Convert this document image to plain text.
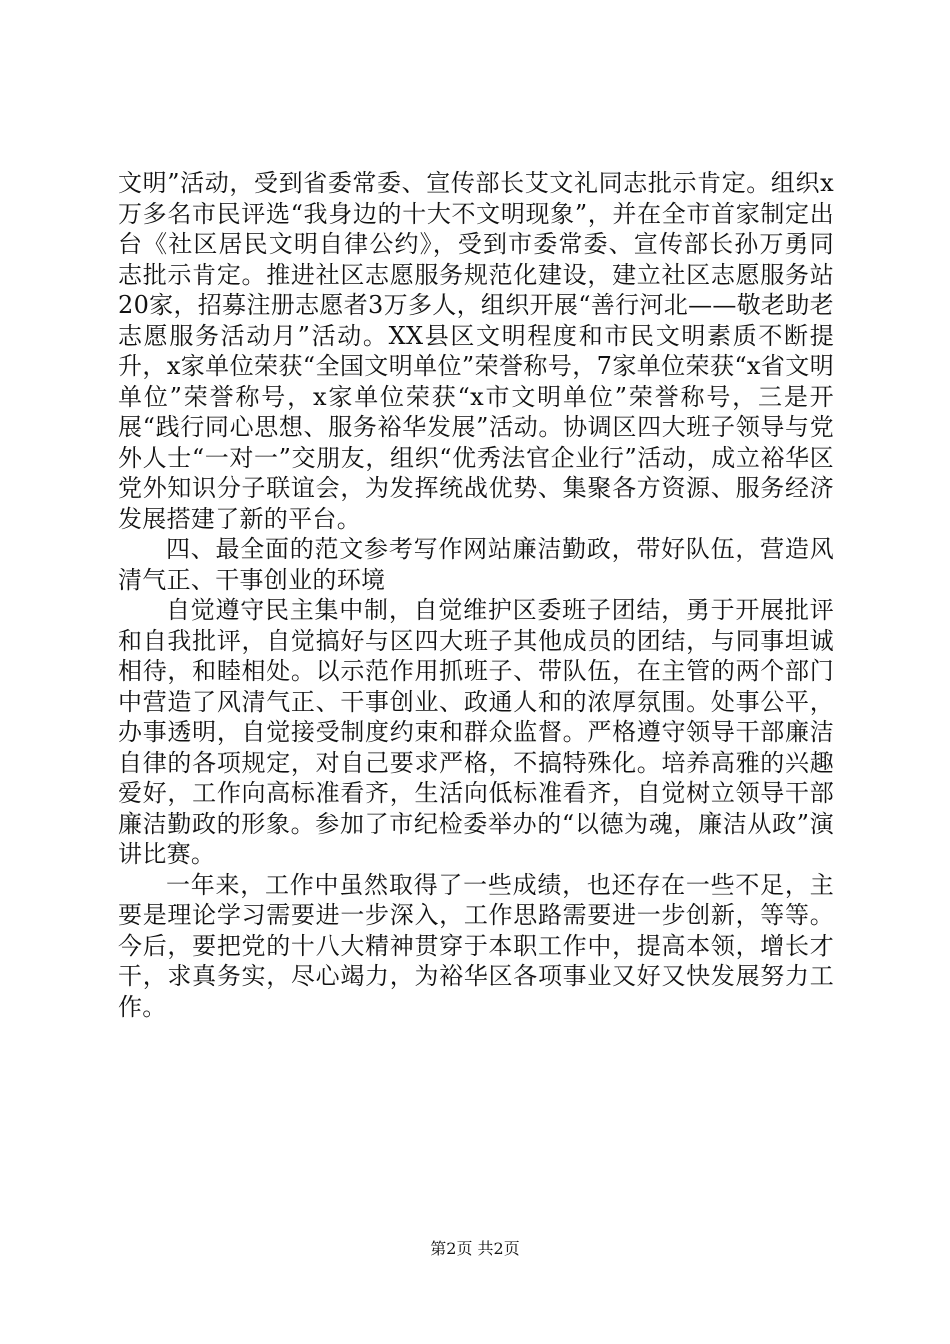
文明”活动，受到省委常委、宣传部长艾文礼同志批示肯定。组织x万多名市民评选“我身边的十大不文明现象”，并在全市首家制定出台《社区居民文明自律公约》，受到市委常委、宣传部长孙万勇同志批示肯定。推进社区志愿服务规范化建设，建立社区志愿服务站20家，招募注册志愿者3万多人，组织开展“善行河北——敬老助老志愿服务活动月”活动。XX县区文明程度和市民文明素质不断提升，x家单位荣获“全国文明单位”荣誉称号，7家单位荣获“x省文明单位”荣誉称号，x家单位荣获“x市文明单位”荣誉称号，三是开展“践行同心思想、服务裕华发展”活动。协调区四大班子领导与党外人士“一对一”交朋友，组织“优秀法官企业行”活动，成立裕华区党外知识分子联谊会，为发挥统战优势、集聚各方资源、服务经济发展搭建了新的平台。

四、最全面的范文参考写作网站廉洁勤政，带好队伍，营造风清气正、干事创业的环境

自觉遵守民主集中制，自觉维护区委班子团结，勇于开展批评和自我批评，自觉搞好与区四大班子其他成员的团结，与同事坦诚相待，和睦相处。以示范作用抓班子、带队伍，在主管的两个部门中营造了风清气正、干事创业、政通人和的浓厚氛围。处事公平，办事透明，自觉接受制度约束和群众监督。严格遵守领导干部廉洁自律的各项规定，对自己要求严格，不搞特殊化。培养高雅的兴趣爱好，工作向高标准看齐，生活向低标准看齐，自觉树立领导干部廉洁勤政的形象。参加了市纪检委举办的“以德为魂，廉洁从政”演讲比赛。

一年来，工作中虽然取得了一些成绩，也还存在一些不足，主要是理论学习需要进一步深入，工作思路需要进一步创新，等等。今后，要把党的十八大精神贯穿于本职工作中，提高本领，增长才干，求真务实，尽心竭力，为裕华区各项事业又好又快发展努力工作。

第2页 共2页
